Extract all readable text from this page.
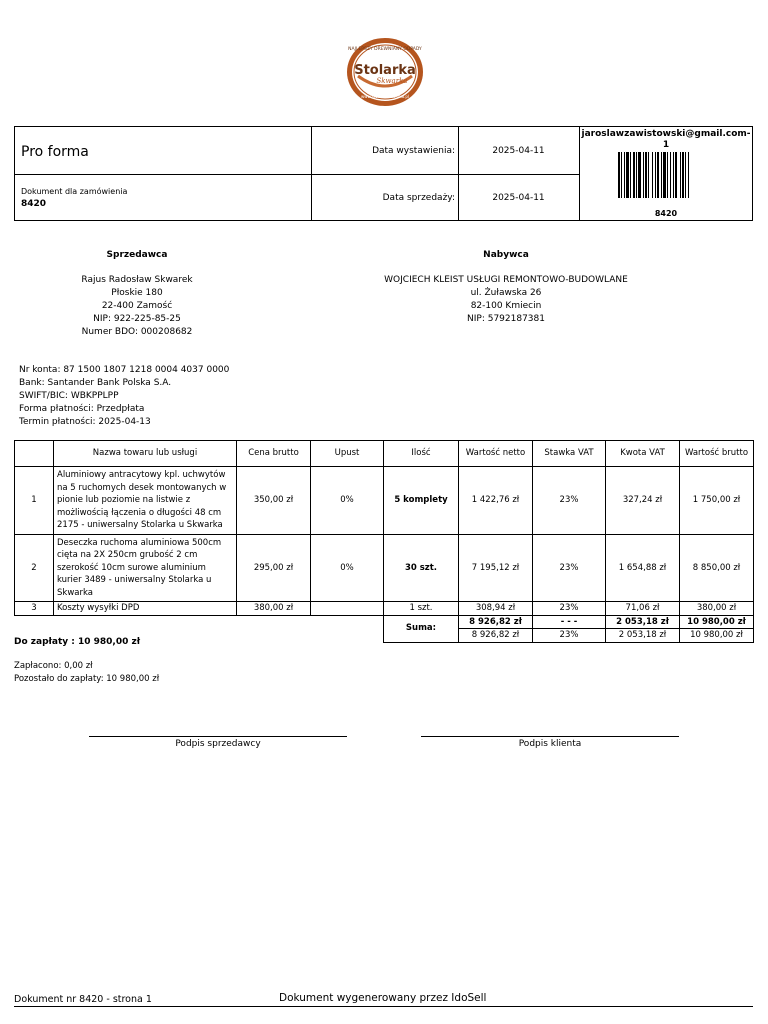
Stolarka
Skwarka
NAJLEPSZY DREWNIANY ODPADY
www.stolarkaskwarka.pl
Pro forma
Dokument dla zamówienia
8420
Data wystawienia:	2025-04-11
Data sprzedaży:	2025-04-11
jaroslawzawistowski@gmail.com-1
8420
Sprzedawca
Rajus Radosław Skwarek
Płoskie 180
22-400 Zamość
NIP: 922-225-85-25
Numer BDO: 000208682
Nabywca
WOJCIECH KLEIST USŁUGI REMONTOWO-BUDOWLANE
ul. Żuławska 26
82-100 Kmiecin
NIP: 5792187381
Nr konta: 87 1500 1807 1218 0004 4037 0000
Bank: Santander Bank Polska S.A.
SWIFT/BIC: WBKPPLPP
Forma płatności: Przedpłata
Termin płatności: 2025-04-13
	Nazwa towaru lub usługi	Cena brutto	Upust	Ilość	Wartość netto	Stawka VAT	Kwota VAT	Wartość brutto
1	Aluminiowy antracytowy kpl. uchwytów na 5 ruchomych desek montowanych w pionie lub poziomie na listwie z możliwością łączenia o długości 48 cm 2175 - uniwersalny Stolarka u Skwarka	350,00 zł	0%	5 komplety	1 422,76 zł	23%	327,24 zł	1 750,00 zł
2	Deseczka ruchoma aluminiowa 500cm cięta na 2X 250cm grubość 2 cm szerokość 10cm surowe aluminium kurier 3489 - uniwersalny Stolarka u Skwarka	295,00 zł	0%	30 szt.	7 195,12 zł	23%	1 654,88 zł	8 850,00 zł
3	Koszty wysyłki DPD	380,00 zł		1 szt.	308,94 zł	23%	71,06 zł	380,00 zł
				Suma:	8 926,82 zł	- - -	2 053,18 zł	10 980,00 zł
					8 926,82 zł	23%	2 053,18 zł	10 980,00 zł
Do zapłaty : 10 980,00 zł
Zapłacono: 0,00 zł
Pozostało do zapłaty: 10 980,00 zł
Podpis sprzedawcy	Podpis klienta
Dokument nr 8420 - strona 1	Dokument wygenerowany przez IdoSell
